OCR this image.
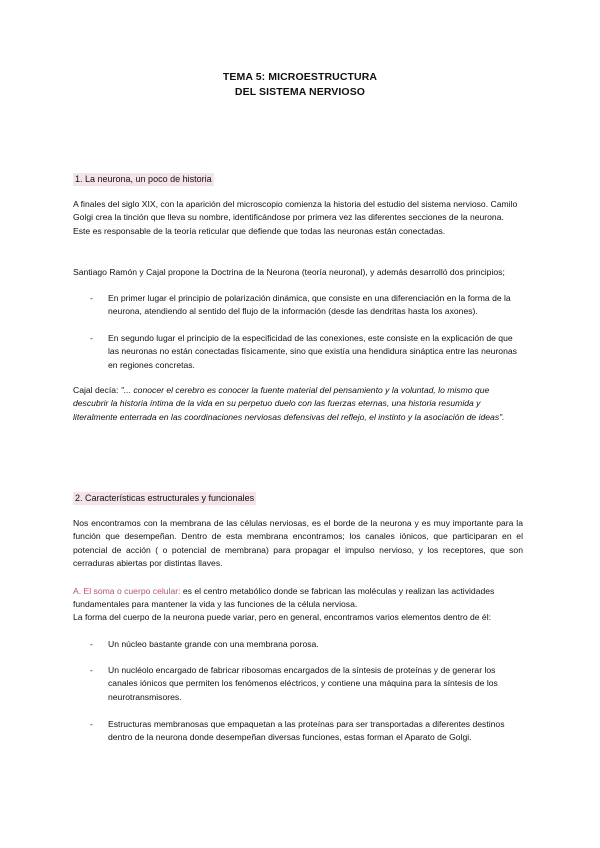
TEMA 5: MICROESTRUCTURA
DEL SISTEMA NERVIOSO
1. La neurona, un poco de historia
A finales del siglo XIX, con la aparición del microscopio comienza la historia del estudio del sistema nervioso. Camilo Golgi crea la tinción que lleva su nombre, identificándose por primera vez las diferentes secciones de la neurona. Este es responsable de la teoría reticular que defiende que todas las neuronas están conectadas.
Santiago Ramón y Cajal propone la Doctrina de la Neurona (teoría neuronal), y además desarrolló dos principios;
- En primer lugar el principio de polarización dinámica, que consiste en una diferenciación en la forma de la neurona, atendiendo al sentido del flujo de la información (desde las dendritas hasta los axones).
- En segundo lugar el principio de la especificidad de las conexiones, este consiste en la explicación de que las neuronas no están conectadas físicamente, sino que existía una hendidura sináptica entre las neuronas en regiones concretas.
Cajal decía: "... conocer el cerebro es conocer la fuente material del pensamiento y la voluntad, lo mismo que descubrir la historia íntima de la vida en su perpetuo duelo con las fuerzas eternas, una historia resumida y literalmente enterrada en las coordinaciones nerviosas defensivas del reflejo, el instinto y la asociación de ideas".
2. Características estructurales y funcionales
Nos encontramos con la membrana de las células nerviosas, es el borde de la neurona y es muy importante para la función que desempeñan. Dentro de esta membrana encontramos; los canales iónicos, que participaran en el potencial de acción ( o potencial de membrana) para propagar el impulso nervioso, y los receptores, que son cerraduras abiertas por distintas llaves.
A. El soma o cuerpo celular: es el centro metabólico donde se fabrican las moléculas y realizan las actividades fundamentales para mantener la vida y las funciones de la célula nerviosa.
La forma del cuerpo de la neurona puede variar, pero en general, encontramos varios elementos dentro de él:
- Un núcleo bastante grande con una membrana porosa.
- Un nucléolo encargado de fabricar ribosomas encargados de la síntesis de proteínas y de generar los canales iónicos que permiten los fenómenos eléctricos, y contiene una máquina para la síntesis de los neurotransmisores.
- Estructuras membranosas que empaquetan a las proteínas para ser transportadas a diferentes destinos dentro de la neurona donde desempeñan diversas funciones, estas forman el Aparato de Golgi.
